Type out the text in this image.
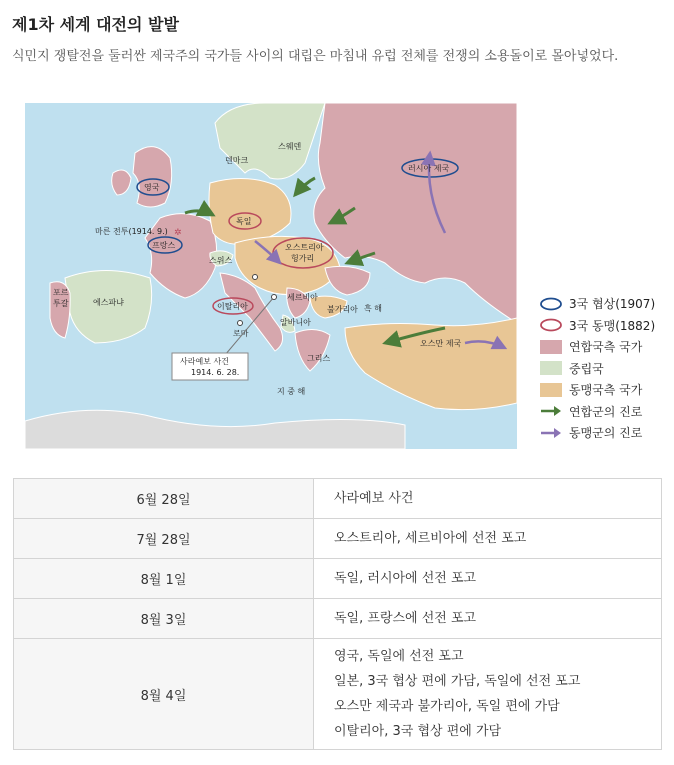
제1차 세계 대전의 발발

식민지 쟁탈전을 둘러싼 제국주의 국가들 사이의 대립은 마침내 유럽 전체를 전쟁의 소용돌이로 몰아넣었다.

스웨덴
덴마크
러시아 제국
영국
마른 전투(1914. 9.)
프랑스
독일
오스트리아
헝가리
스위스
포르
투갈	에스파냐	이탈리아
로마
세르비아
알바니아
불가리아 흑 해
오스만 제국
그리스
지 중 해
✲
사라예보 사건
1914. 6. 28.
3국 협상(1907)
3국 동맹(1882)
연합국측 국가
중립국
동맹국측 국가
연합군의 진로
동맹군의 진로
6월 28일	사라예보 사건

7월 28일	오스트리아, 세르비아에 선전 포고

8월 1일	독일, 러시아에 선전 포고

8월 3일	독일, 프랑스에 선전 포고

8월 4일	영국, 독일에 선전 포고
일본, 3국 협상 편에 가담, 독일에 선전 포고
오스만 제국과 불가리아, 독일 편에 가담
이탈리아, 3국 협상 편에 가담
